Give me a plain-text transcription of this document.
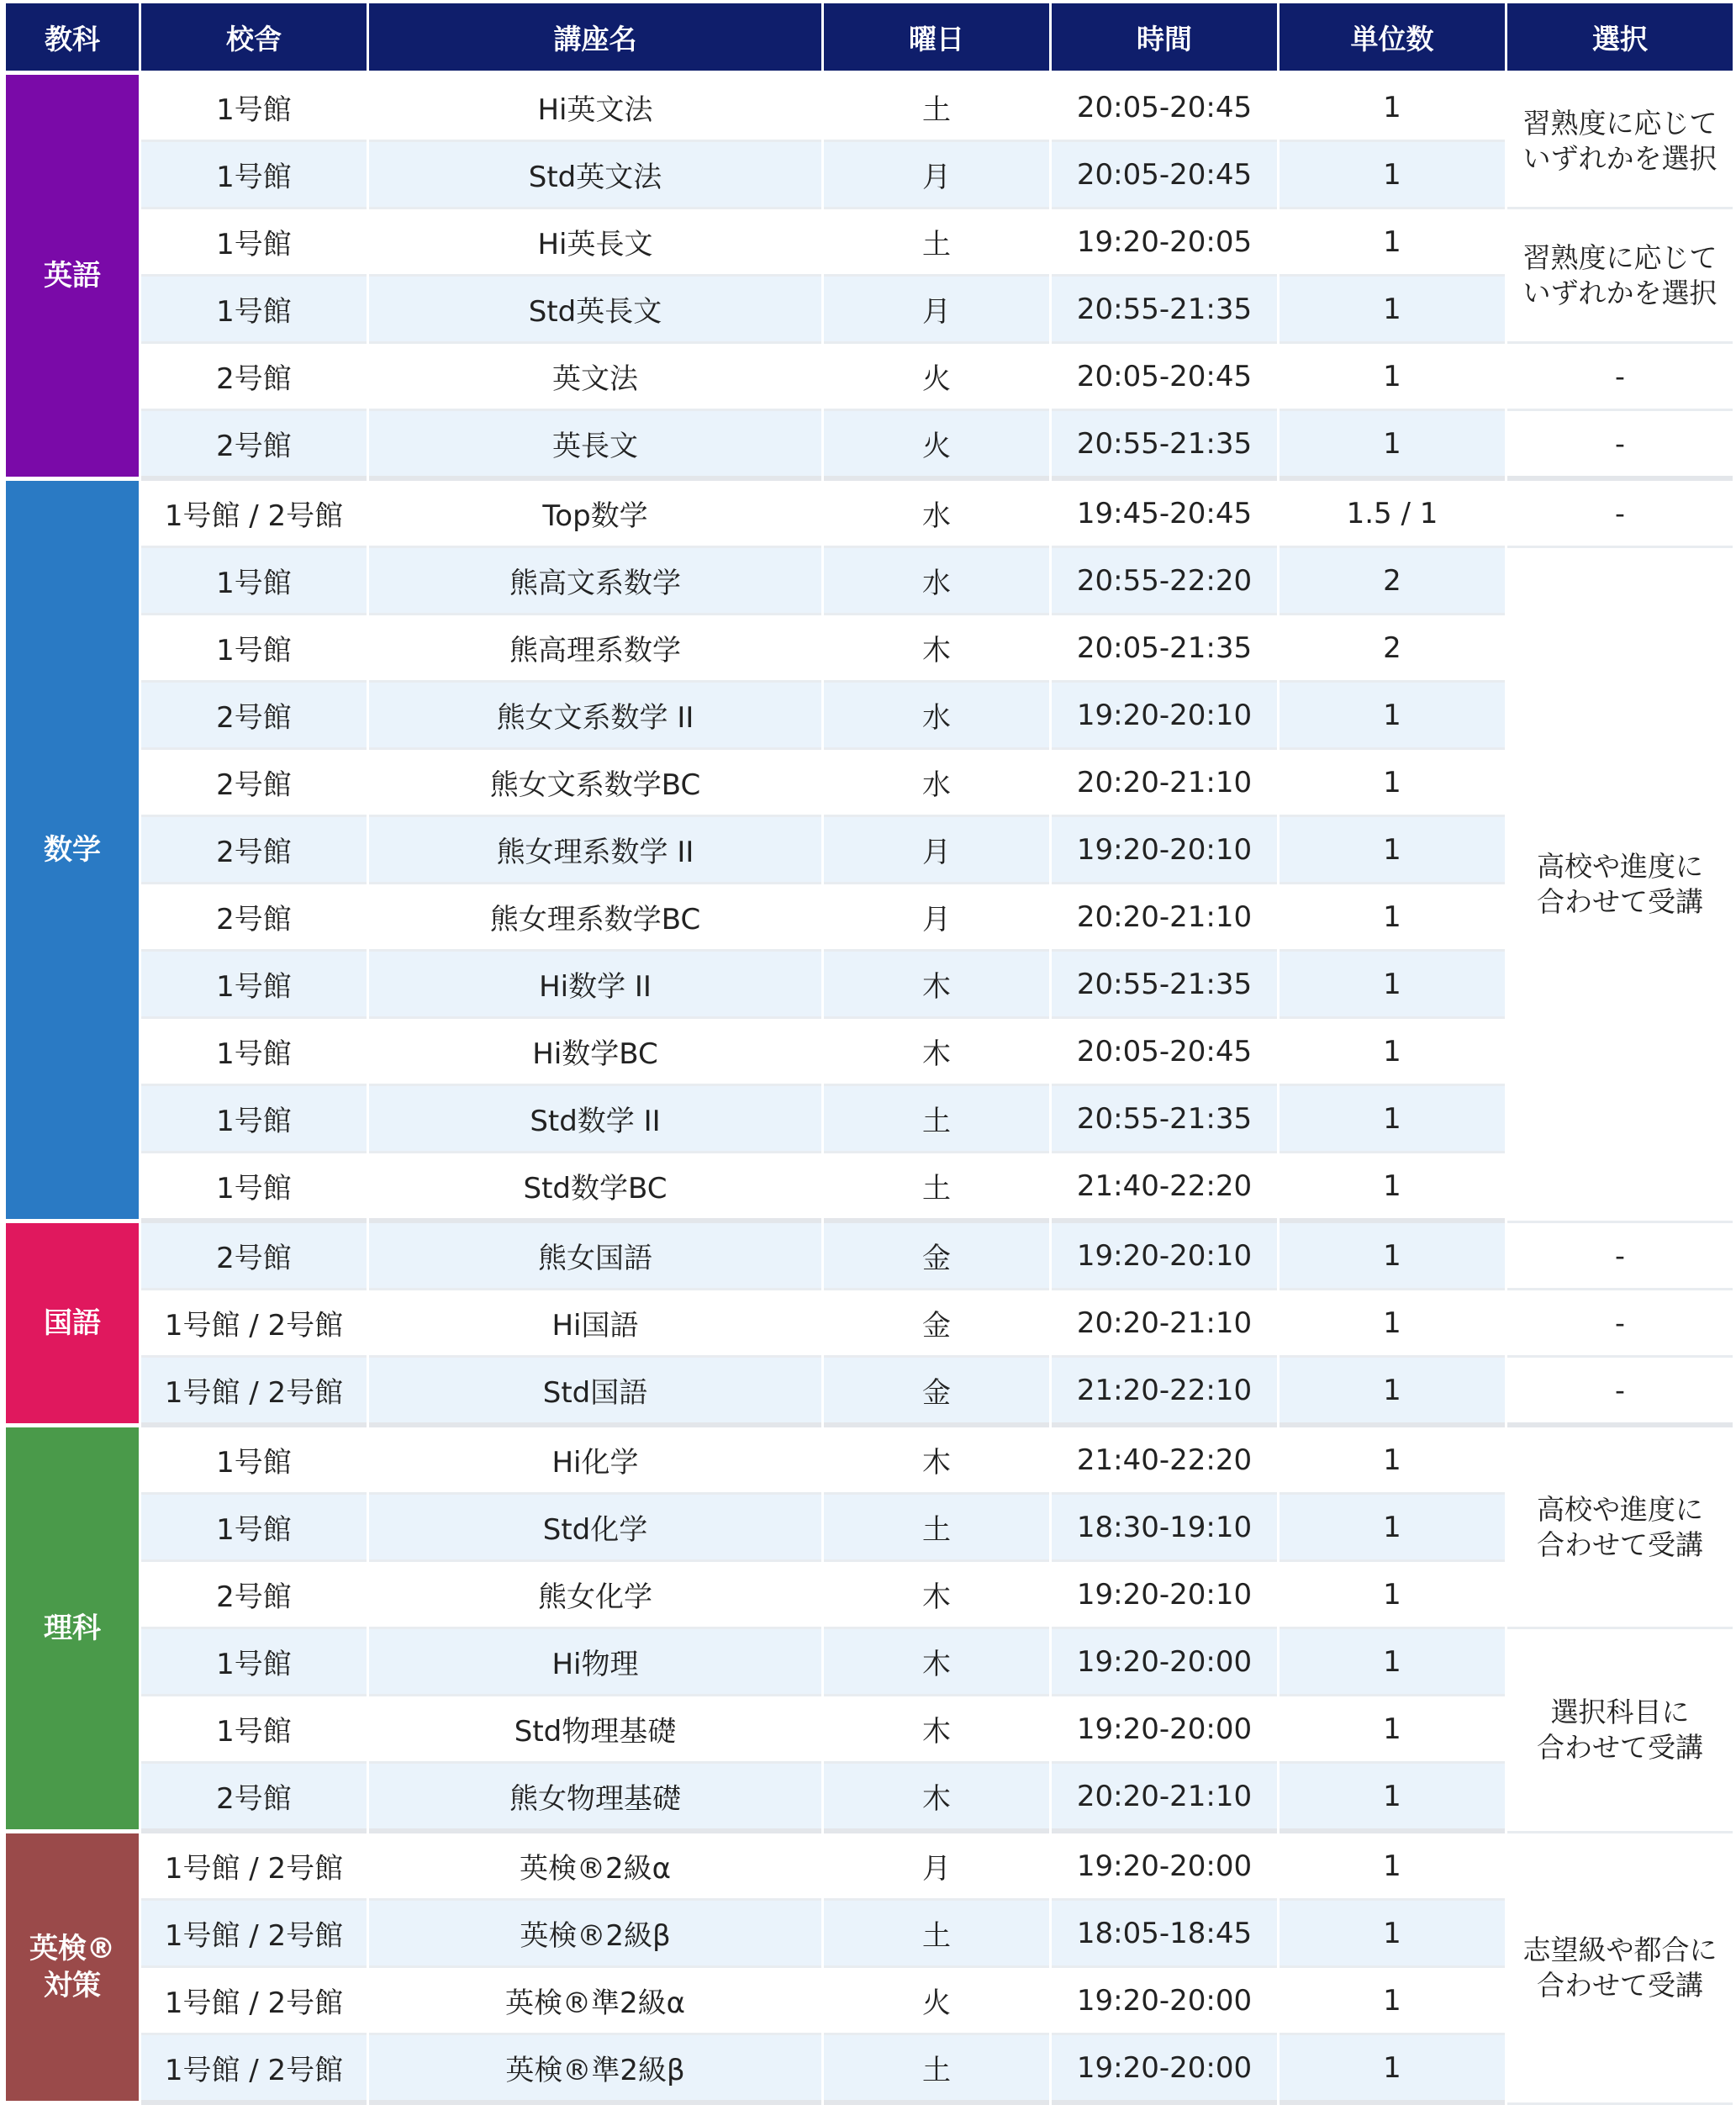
教科	校舎	講座名	曜日	時間	単位数	選択
英語	1号館	Hi英文法	土	20:05-20:45	1	習熟度に応じて
いずれかを選択
	1号館	Std英文法	月	20:05-20:45	1	
	1号館	Hi英長文	土	19:20-20:05	1	習熟度に応じて
いずれかを選択
	1号館	Std英長文	月	20:55-21:35	1	
	2号館	英文法	火	20:05-20:45	1	-
	2号館	英長文	火	20:55-21:35	1	-
数学	1号館 / 2号館	Top数学	水	19:45-20:45	1.5 / 1	-
	1号館	熊高文系数学	水	20:55-22:20	2	高校や進度に
合わせて受講
	1号館	熊高理系数学	木	20:05-21:35	2	
	2号館	熊女文系数学 II	水	19:20-20:10	1	
	2号館	熊女文系数学BC	水	20:20-21:10	1	
	2号館	熊女理系数学 II	月	19:20-20:10	1	
	2号館	熊女理系数学BC	月	20:20-21:10	1	
	1号館	Hi数学 II	木	20:55-21:35	1	
	1号館	Hi数学BC	木	20:05-20:45	1	
	1号館	Std数学 II	土	20:55-21:35	1	
	1号館	Std数学BC	土	21:40-22:20	1	
国語	2号館	熊女国語	金	19:20-20:10	1	-
	1号館 / 2号館	Hi国語	金	20:20-21:10	1	-
	1号館 / 2号館	Std国語	金	21:20-22:10	1	-
理科	1号館	Hi化学	木	21:40-22:20	1	高校や進度に
合わせて受講
	1号館	Std化学	土	18:30-19:10	1	
	2号館	熊女化学	木	19:20-20:10	1	
	1号館	Hi物理	木	19:20-20:00	1	選択科目に
合わせて受講
	1号館	Std物理基礎	木	19:20-20:00	1	
	2号館	熊女物理基礎	木	20:20-21:10	1	
英検®
対策	1号館 / 2号館	英検®2級α	月	19:20-20:00	1	志望級や都合に
合わせて受講
	1号館 / 2号館	英検®2級β	土	18:05-18:45	1	
	1号館 / 2号館	英検®準2級α	火	19:20-20:00	1	
	1号館 / 2号館	英検®準2級β	土	19:20-20:00	1	
